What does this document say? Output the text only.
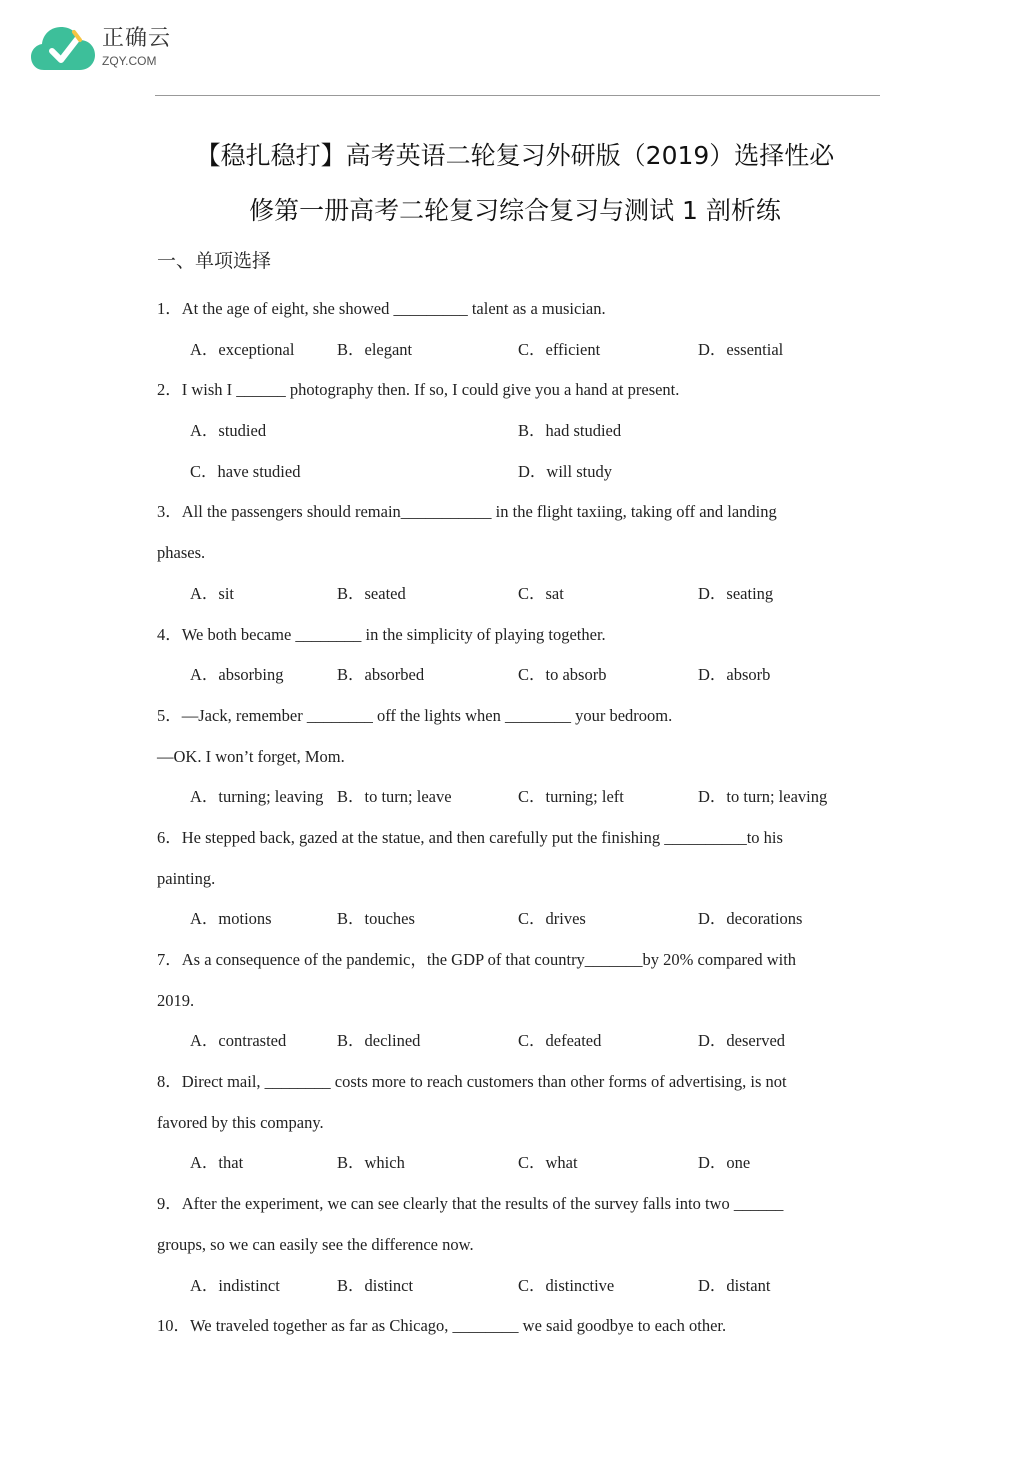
正确云
ZQY.COM
【稳扎稳打】高考英语二轮复习外研版（2019）选择性必
修第一册高考二轮复习综合复习与测试 1 剖析练
一、单项选择
1．At the age of eight, she showed _________ talent as a musician.
A．exceptional	B．elegant	C．efficient	D．essential
2．I wish I ______ photography then. If so, I could give you a hand at present.
A．studied	B．had studied
C．have studied	D．will study
3．All the passengers should remain___________ in the flight taxiing, taking off and landing
phases.
A．sit	B．seated	C．sat	D．seating
4．We both became ________ in the simplicity of playing together.
A．absorbing	B．absorbed	C．to absorb	D．absorb
5．—Jack, remember ________ off the lights when ________ your bedroom.
—OK. I won’t forget, Mom.
A．turning; leaving B．to turn; leave	C．turning; left	D．to turn; leaving
6．He stepped back, gazed at the statue, and then carefully put the finishing __________to his
painting.
A．motions	B．touches	C．drives	D．decorations
7．As a consequence of the pandemic，the GDP of that country_______by 20% compared with
2019.
A．contrasted	B．declined	C．defeated	D．deserved
8．Direct mail, ________ costs more to reach customers than other forms of advertising, is not
favored by this company.
A．that	B．which	C．what	D．one
9．After the experiment, we can see clearly that the results of the survey falls into two ______
groups, so we can easily see the difference now.
A．indistinct	B．distinct	C．distinctive	D．distant
10．We traveled together as far as Chicago, ________ we said goodbye to each other.
